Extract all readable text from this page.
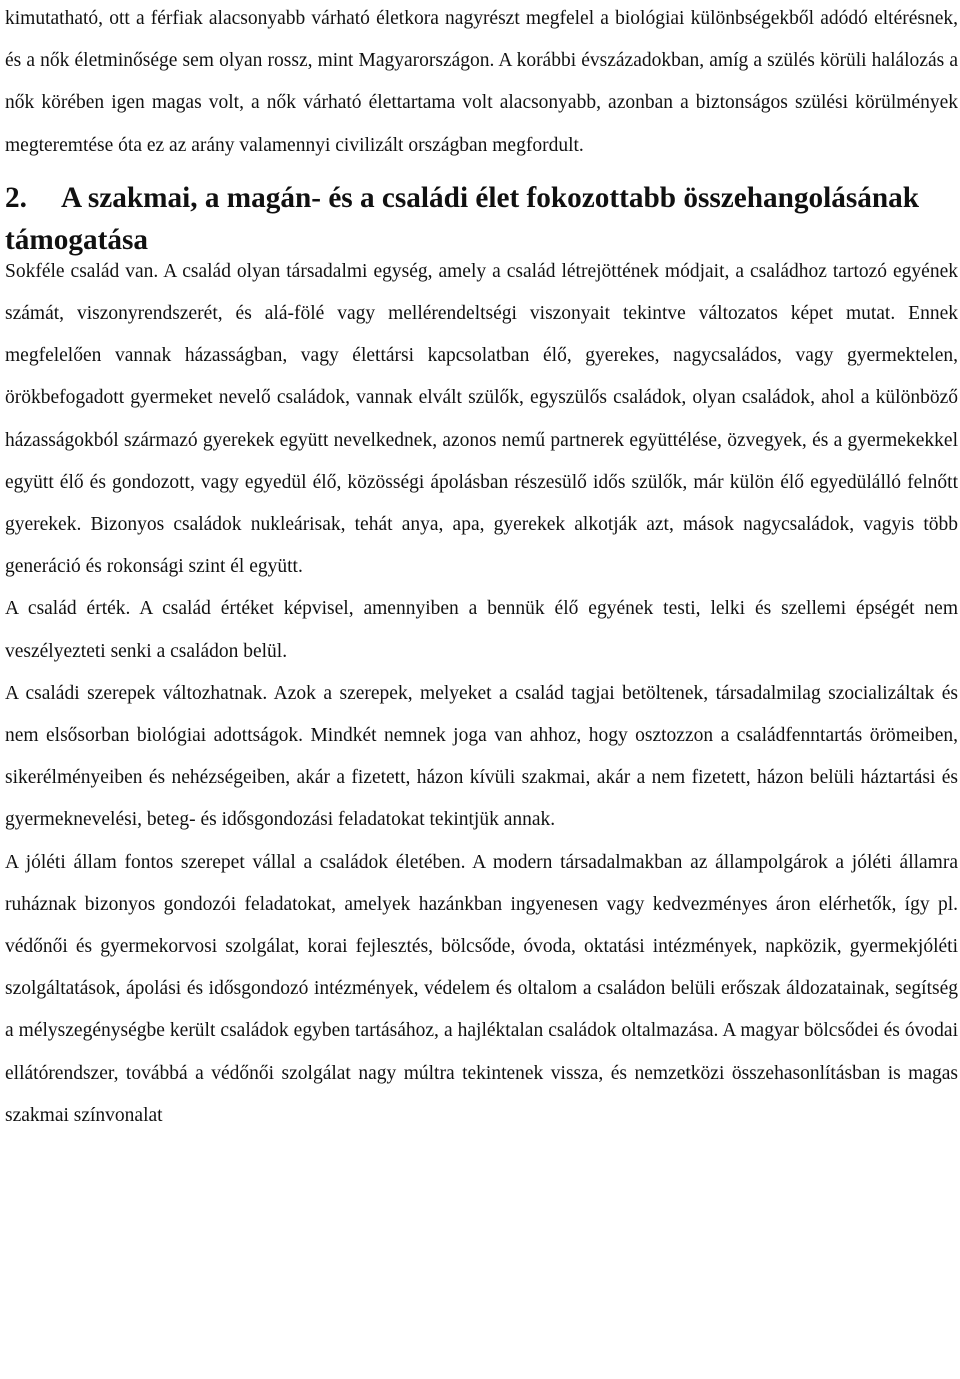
kimutatható, ott a férfiak alacsonyabb várható életkora nagyrészt megfelel a biológiai különbségekből adódó eltérésnek, és a nők életminősége sem olyan rossz, mint Magyarországon. A korábbi évszázadokban, amíg a szülés körüli halálozás a nők körében igen magas volt, a nők várható élettartama volt alacsonyabb, azonban a biztonságos szülési körülmények megteremtése óta ez az arány valamennyi civilizált országban megfordult.

2. A szakmai, a magán- és a családi élet fokozottabb összehangolásának támogatása

Sokféle család van. A család olyan társadalmi egység, amely a család létrejöttének módjait, a családhoz tartozó egyének számát, viszonyrendszerét, és alá-fölé vagy mellérendeltségi viszonyait tekintve változatos képet mutat. Ennek megfelelően vannak házasságban, vagy élettársi kapcsolatban élő, gyerekes, nagycsaládos, vagy gyermektelen, örökbefogadott gyermeket nevelő családok, vannak elvált szülők, egyszülős családok, olyan családok, ahol a különböző házasságokból származó gyerekek együtt nevelkednek, azonos nemű partnerek együttélése, özvegyek, és a gyermekekkel együtt élő és gondozott, vagy egyedül élő, közösségi ápolásban részesülő idős szülők, már külön élő egyedülálló felnőtt gyerekek. Bizonyos családok nukleárisak, tehát anya, apa, gyerekek alkotják azt, mások nagycsaládok, vagyis több generáció és rokonsági szint él együtt.

A család érték. A család értéket képvisel, amennyiben a bennük élő egyének testi, lelki és szellemi épségét nem veszélyezteti senki a családon belül.

A családi szerepek változhatnak. Azok a szerepek, melyeket a család tagjai betöltenek, társadalmilag szocializáltak és nem elsősorban biológiai adottságok. Mindkét nemnek joga van ahhoz, hogy osztozzon a családfenntartás örömeiben, sikerélményeiben és nehézségeiben, akár a fizetett, házon kívüli szakmai, akár a nem fizetett, házon belüli háztartási és gyermeknevelési, beteg- és idősgondozási feladatokat tekintjük annak.

A jóléti állam fontos szerepet vállal a családok életében. A modern társadalmakban az állampolgárok a jóléti államra ruháznak bizonyos gondozói feladatokat, amelyek hazánkban ingyenesen vagy kedvezményes áron elérhetők, így pl. védőnői és gyermekorvosi szolgálat, korai fejlesztés, bölcsőde, óvoda, oktatási intézmények, napközik, gyermekjóléti szolgáltatások, ápolási és idősgondozó intézmények, védelem és oltalom a családon belüli erőszak áldozatainak, segítség a mélyszegénységbe került családok egyben tartásához, a hajléktalan családok oltalmazása. A magyar bölcsődei és óvodai ellátórendszer, továbbá a védőnői szolgálat nagy múltra tekintenek vissza, és nemzetközi összehasonlításban is magas szakmai színvonalat
